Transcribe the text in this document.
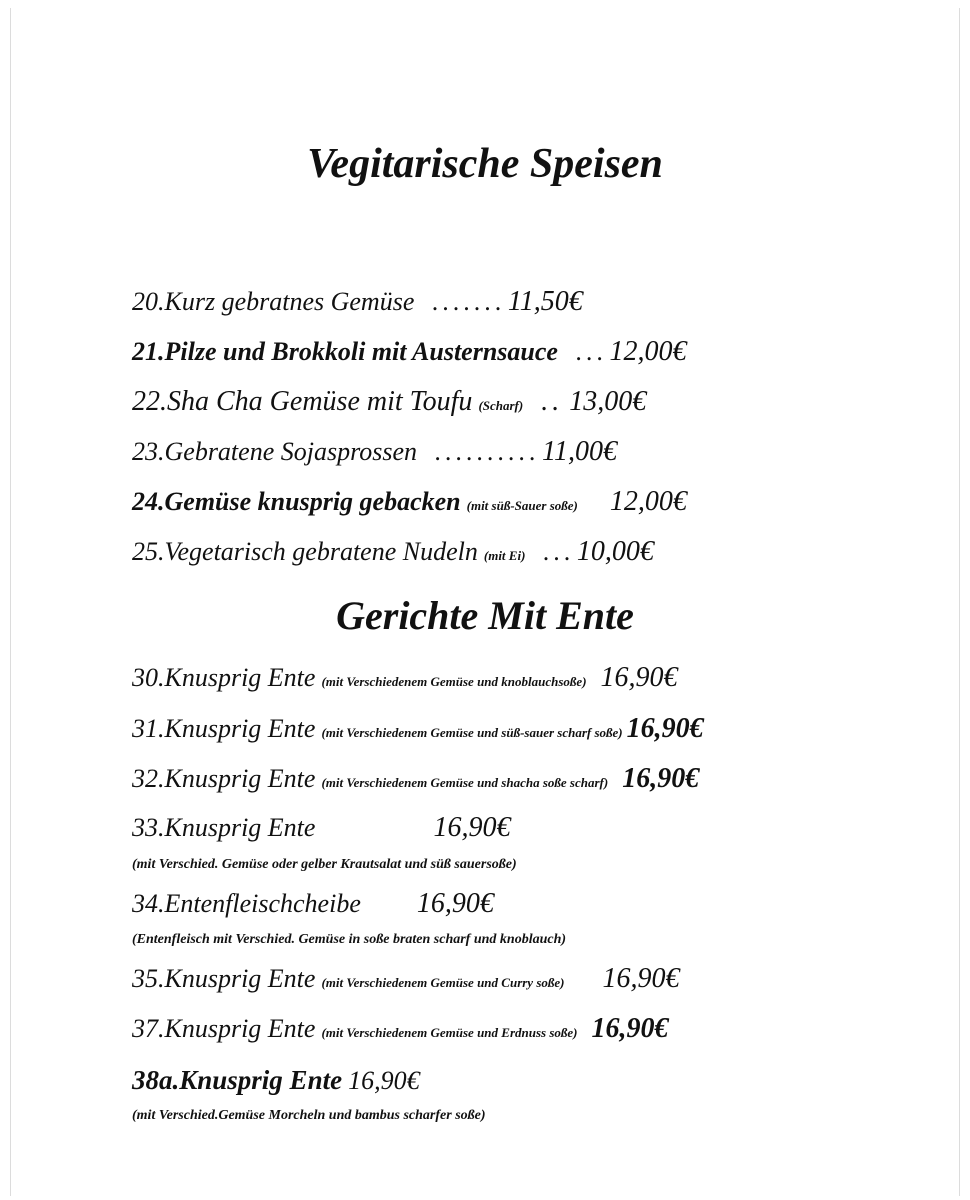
Vegitarische Speisen
20.Kurz gebratnes Gemüse .......11,50€
21.Pilze und Brokkoli mit Austernsauce ...12,00€
22.Sha Cha Gemüse mit Toufu (Scharf) .. 13,00€
23.Gebratene Sojasprossen ..........11,00€
24.Gemüse knusprig gebacken (mit süß-Sauer soße) 12,00€
25.Vegetarisch gebratene Nudeln (mit Ei) ...10,00€
Gerichte Mit Ente
30.Knusprig Ente (mit Verschiedenem Gemüse und knoblauchsoße) 16,90€
31.Knusprig Ente (mit Verschiedenem Gemüse und süß-sauer scharf soße) 16,90€
32.Knusprig Ente (mit Verschiedenem Gemüse und shacha soße scharf) 16,90€
33.Knusprig Ente	16,90€
(mit Verschied. Gemüse oder gelber Krautsalat und süß sauersoße)
34.Entenfleischcheibe 16,90€
(Entenfleisch mit Verschied. Gemüse in soße braten scharf und knoblauch)
35.Knusprig Ente (mit Verschiedenem Gemüse und Curry soße) 16,90€
37.Knusprig Ente (mit Verschiedenem Gemüse und Erdnuss soße) 16,90€
38a.Knusprig Ente 16,90€
(mit Verschied.Gemüse Morcheln und bambus scharfer soße)
